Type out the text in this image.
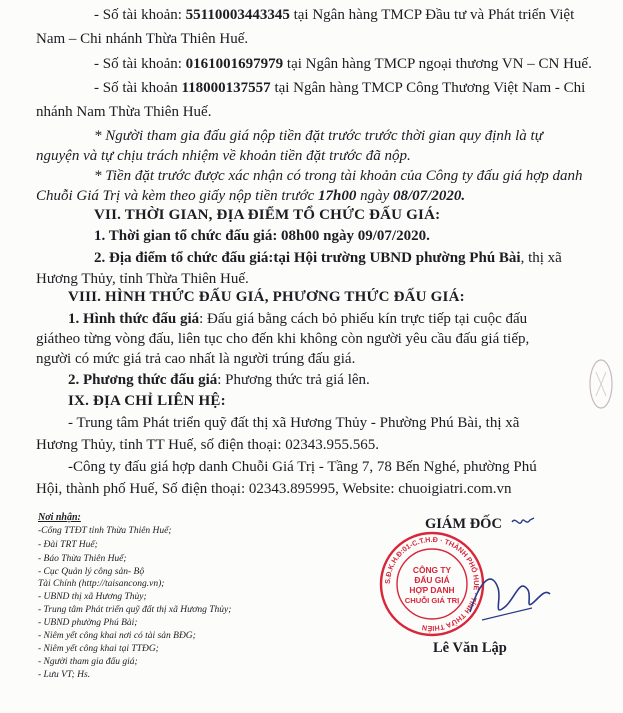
- Số tài khoản: 55110003443345 tại Ngân hàng TMCP Đầu tư và Phát triển Việt
Nam – Chi nhánh Thừa Thiên Huế.
- Số tài khoản: 0161001697979 tại Ngân hàng TMCP ngoại thương VN – CN Huế.
- Số tài khoản 118000137557 tại Ngân hàng TMCP Công Thương Việt Nam - Chi
nhánh Nam Thừa Thiên Huế.
* Người tham gia đấu giá nộp tiền đặt trước trước thời gian quy định là tự
nguyện và tự chịu trách nhiệm về khoản tiền đặt trước đã nộp.
* Tiền đặt trước được xác nhận có trong tài khoản của Công ty đấu giá hợp danh
Chuỗi Giá Trị và kèm theo giấy nộp tiền trước 17h00 ngày 08/07/2020.
VII. THỜI GIAN, ĐỊA ĐIỂM TỔ CHỨC ĐẤU GIÁ:
1. Thời gian tổ chức đấu giá: 08h00 ngày 09/07/2020.
2. Địa điểm tổ chức đấu giá:tại Hội trường UBND phường Phú Bài, thị xã
Hương Thủy, tỉnh Thừa Thiên Huế.
VIII. HÌNH THỨC ĐẤU GIÁ, PHƯƠNG THỨC ĐẤU GIÁ:
1. Hình thức đấu giá: Đấu giá bằng cách bỏ phiếu kín trực tiếp tại cuộc đấu
giátheo từng vòng đấu, liên tục cho đến khi không còn người yêu cầu đấu giá tiếp,
người có mức giá trả cao nhất là người trúng đấu giá.
2. Phương thức đấu giá: Phương thức trả giá lên.
IX. ĐỊA CHỈ LIÊN HỆ:
- Trung tâm Phát triển quỹ đất thị xã Hương Thủy - Phường Phú Bài, thị xã
Hương Thủy, tỉnh TT Huế, số điện thoại: 02343.955.565.
-Công ty đấu giá hợp danh Chuỗi Giá Trị - Tầng 7, 78 Bến Nghé, phường Phú
Hội, thành phố Huế, Số điện thoại: 02343.895995, Website: chuoigiatri.com.vn
Nơi nhận:
-Cổng TTĐT tỉnh Thừa Thiên Huế;
- Đài TRT Huế;
- Báo Thừa Thiên Huế;
- Cục Quản lý công sản- Bộ
Tài Chính (http://taisancong.vn);
- UBND thị xã Hương Thủy;
- Trung tâm Phát triển quỹ đất thị xã Hương Thủy;
- UBND phường Phú Bài;
- Niêm yết công khai nơi có tài sản BĐG;
- Niêm yết công khai tại TTĐG;
- Người tham gia đấu giá;
- Lưu VT; Hs.
GIÁM ĐỐC
S.Đ.K.H.Đ:01-C.T.H.Đ · THÀNH PHỐ HUẾ · TỈNH THỪA THIÊN
CÔNG TY
ĐẤU GIÁ
HỢP DANH
CHUỖI GIÁ TRỊ
Lê Văn Lập
